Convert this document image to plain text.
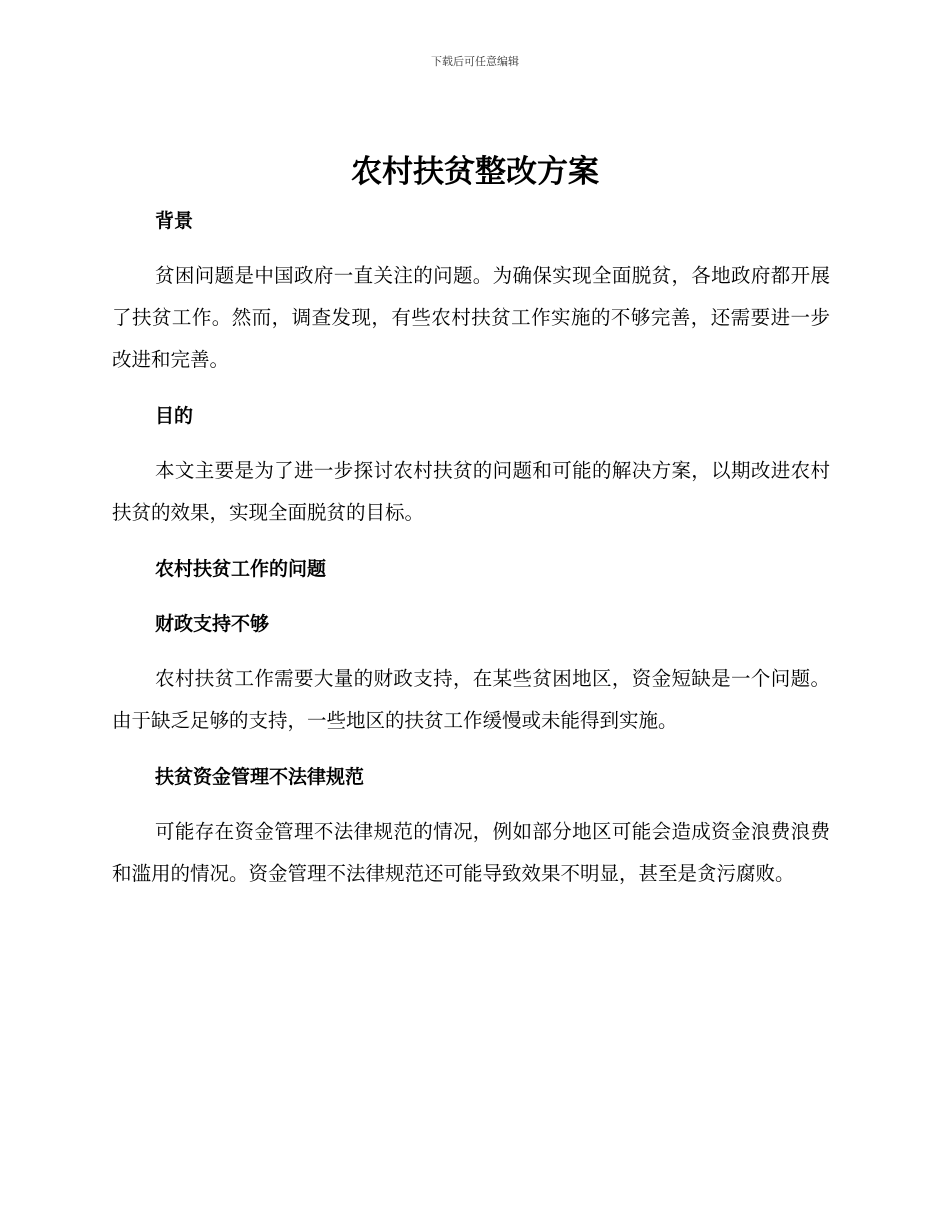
下载后可任意编辑
农村扶贫整改方案
背景

贫困问题是中国政府一直关注的问题。为确保实现全面脱贫，各地政府都开展了扶贫工作。然而，调查发现，有些农村扶贫工作实施的不够完善，还需要进一步改进和完善。

目的

本文主要是为了进一步探讨农村扶贫的问题和可能的解决方案，以期改进农村扶贫的效果，实现全面脱贫的目标。

农村扶贫工作的问题
财政支持不够

农村扶贫工作需要大量的财政支持，在某些贫困地区，资金短缺是一个问题。由于缺乏足够的支持，一些地区的扶贫工作缓慢或未能得到实施。

扶贫资金管理不法律规范

可能存在资金管理不法律规范的情况，例如部分地区可能会造成资金浪费浪费和滥用的情况。资金管理不法律规范还可能导致效果不明显，甚至是贪污腐败。
